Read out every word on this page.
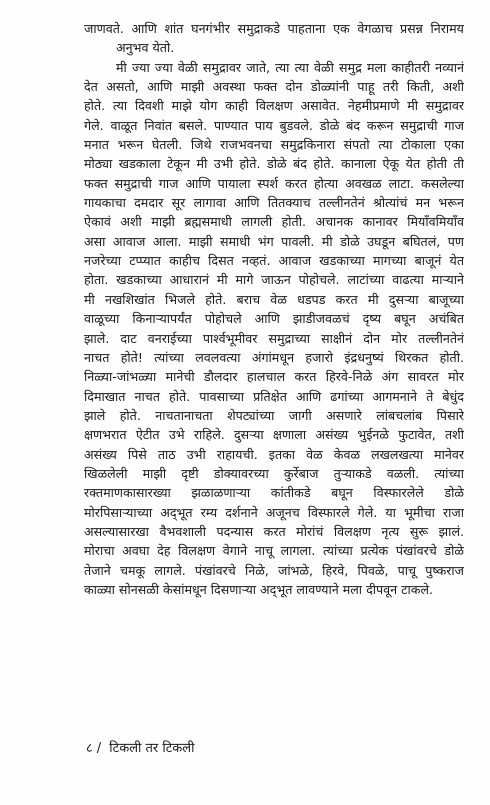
जाणवते. आणि शांत घनगंभीर समुद्राकडे पाहताना एक वेगळाच प्रसन्न निरामय
अनुभव येतो.
मी ज्या ज्या वेळी समुद्रावर जाते, त्या त्या वेळी समुद्र मला काहीतरी नव्यानं
देत असतो, आणि माझी अवस्था फक्त दोन डोळ्यांनी पाहू तरी किती, अशी
होते. त्या दिवशी माझे योग काही विलक्षण असावेत. नेहमीप्रमाणे मी समुद्रावर
गेले. वाळूत निवांत बसले. पाण्यात पाय बुडवले. डोळे बंद करून समुद्राची गाज
मनात भरून घेतली. जिथे राजभवनचा समुद्रकिनारा संपतो त्या टोकाला एका
मोठ्या खडकाला टेकून मी उभी होते. डोळे बंद होते. कानाला ऐकू येत होती ती
फक्त समुद्राची गाज आणि पायाला स्पर्श करत होत्या अवखळ लाटा. कसलेल्या
गायकाचा दमदार सूर लागावा आणि तितक्याच तल्लीनतेनं श्रोत्यांचं मन भरून
ऐकावं अशी माझी ब्रह्मसमाधी लागली होती. अचानक कानावर मियाँवमियाँव
असा आवाज आला. माझी समाधी भंग पावली. मी डोळे उघडून बघितलं, पण
नजरेच्या टप्प्यात काहीच दिसत नव्हतं. आवाज खडकाच्या मागच्या बाजूनं येत
होता. खडकाच्या आधारानं मी मागे जाऊन पोहोचले. लाटांच्या वाढत्या माऱ्याने
मी नखशिखांत भिजले होते. बराच वेळ धडपड करत मी दुसऱ्या बाजूच्या
वाळूच्या किनाऱ्यापर्यंत पोहोचले आणि झाडीजवळचं दृष्य बघून अचंबित
झाले. दाट वनराईच्या पार्श्वभूमीवर समुद्राच्या साक्षीनं दोन मोर तल्लीनतेनं
नाचत होते! त्यांच्या लवलवत्या अंगांमधून हजारो इंद्रधनुष्यं थिरकत होती.
निळ्या-जांभळ्या मानेची डौलदार हालचाल करत हिरवे-निळे अंग सावरत मोर
दिमाखात नाचत होते. पावसाच्या प्रतिक्षेत आणि ढगांच्या आगमनाने ते बेधुंद
झाले होते. नाचतानाचता शेपट्यांच्या जागी असणारे लांबचलांब पिसारे
क्षणभरात ऐटीत उभे राहिले. दुसऱ्या क्षणाला असंख्य भुईनळे फुटावेत, तशी
असंख्य पिसे ताठ उभी राहायची. इतका वेळ केवळ लखलखत्या मानेवर
खिळलेली माझी दृष्टी डोक्यावरच्या कुर्रेबाज तुऱ्याकडे वळली. त्यांच्या
रक्तमाणकासारख्या झळाळणाऱ्या कांतीकडे बघून विस्फारलेले डोळे
मोरपिसाऱ्याच्या अद्‌भूत रम्य दर्शनाने अजूनच विस्फारले गेले. या भूमीचा राजा
असल्यासारखा वैभवशाली पदन्यास करत मोरांचं विलक्षण नृत्य सुरू झालं.
मोराचा अवघा देह विलक्षण वेगाने नाचू लागला. त्यांच्या प्रत्येक पंखांवरचे डोळे
तेजाने चमकू लागले. पंखांवरचे निळे, जांभळे, हिरवे, पिवळे, पाचू पुष्कराज
काळ्या सोनसळी केसांमधून दिसणाऱ्या अद्‌भूत लावण्याने मला दीपवून टाकले.
८ / टिकली तर टिकली
